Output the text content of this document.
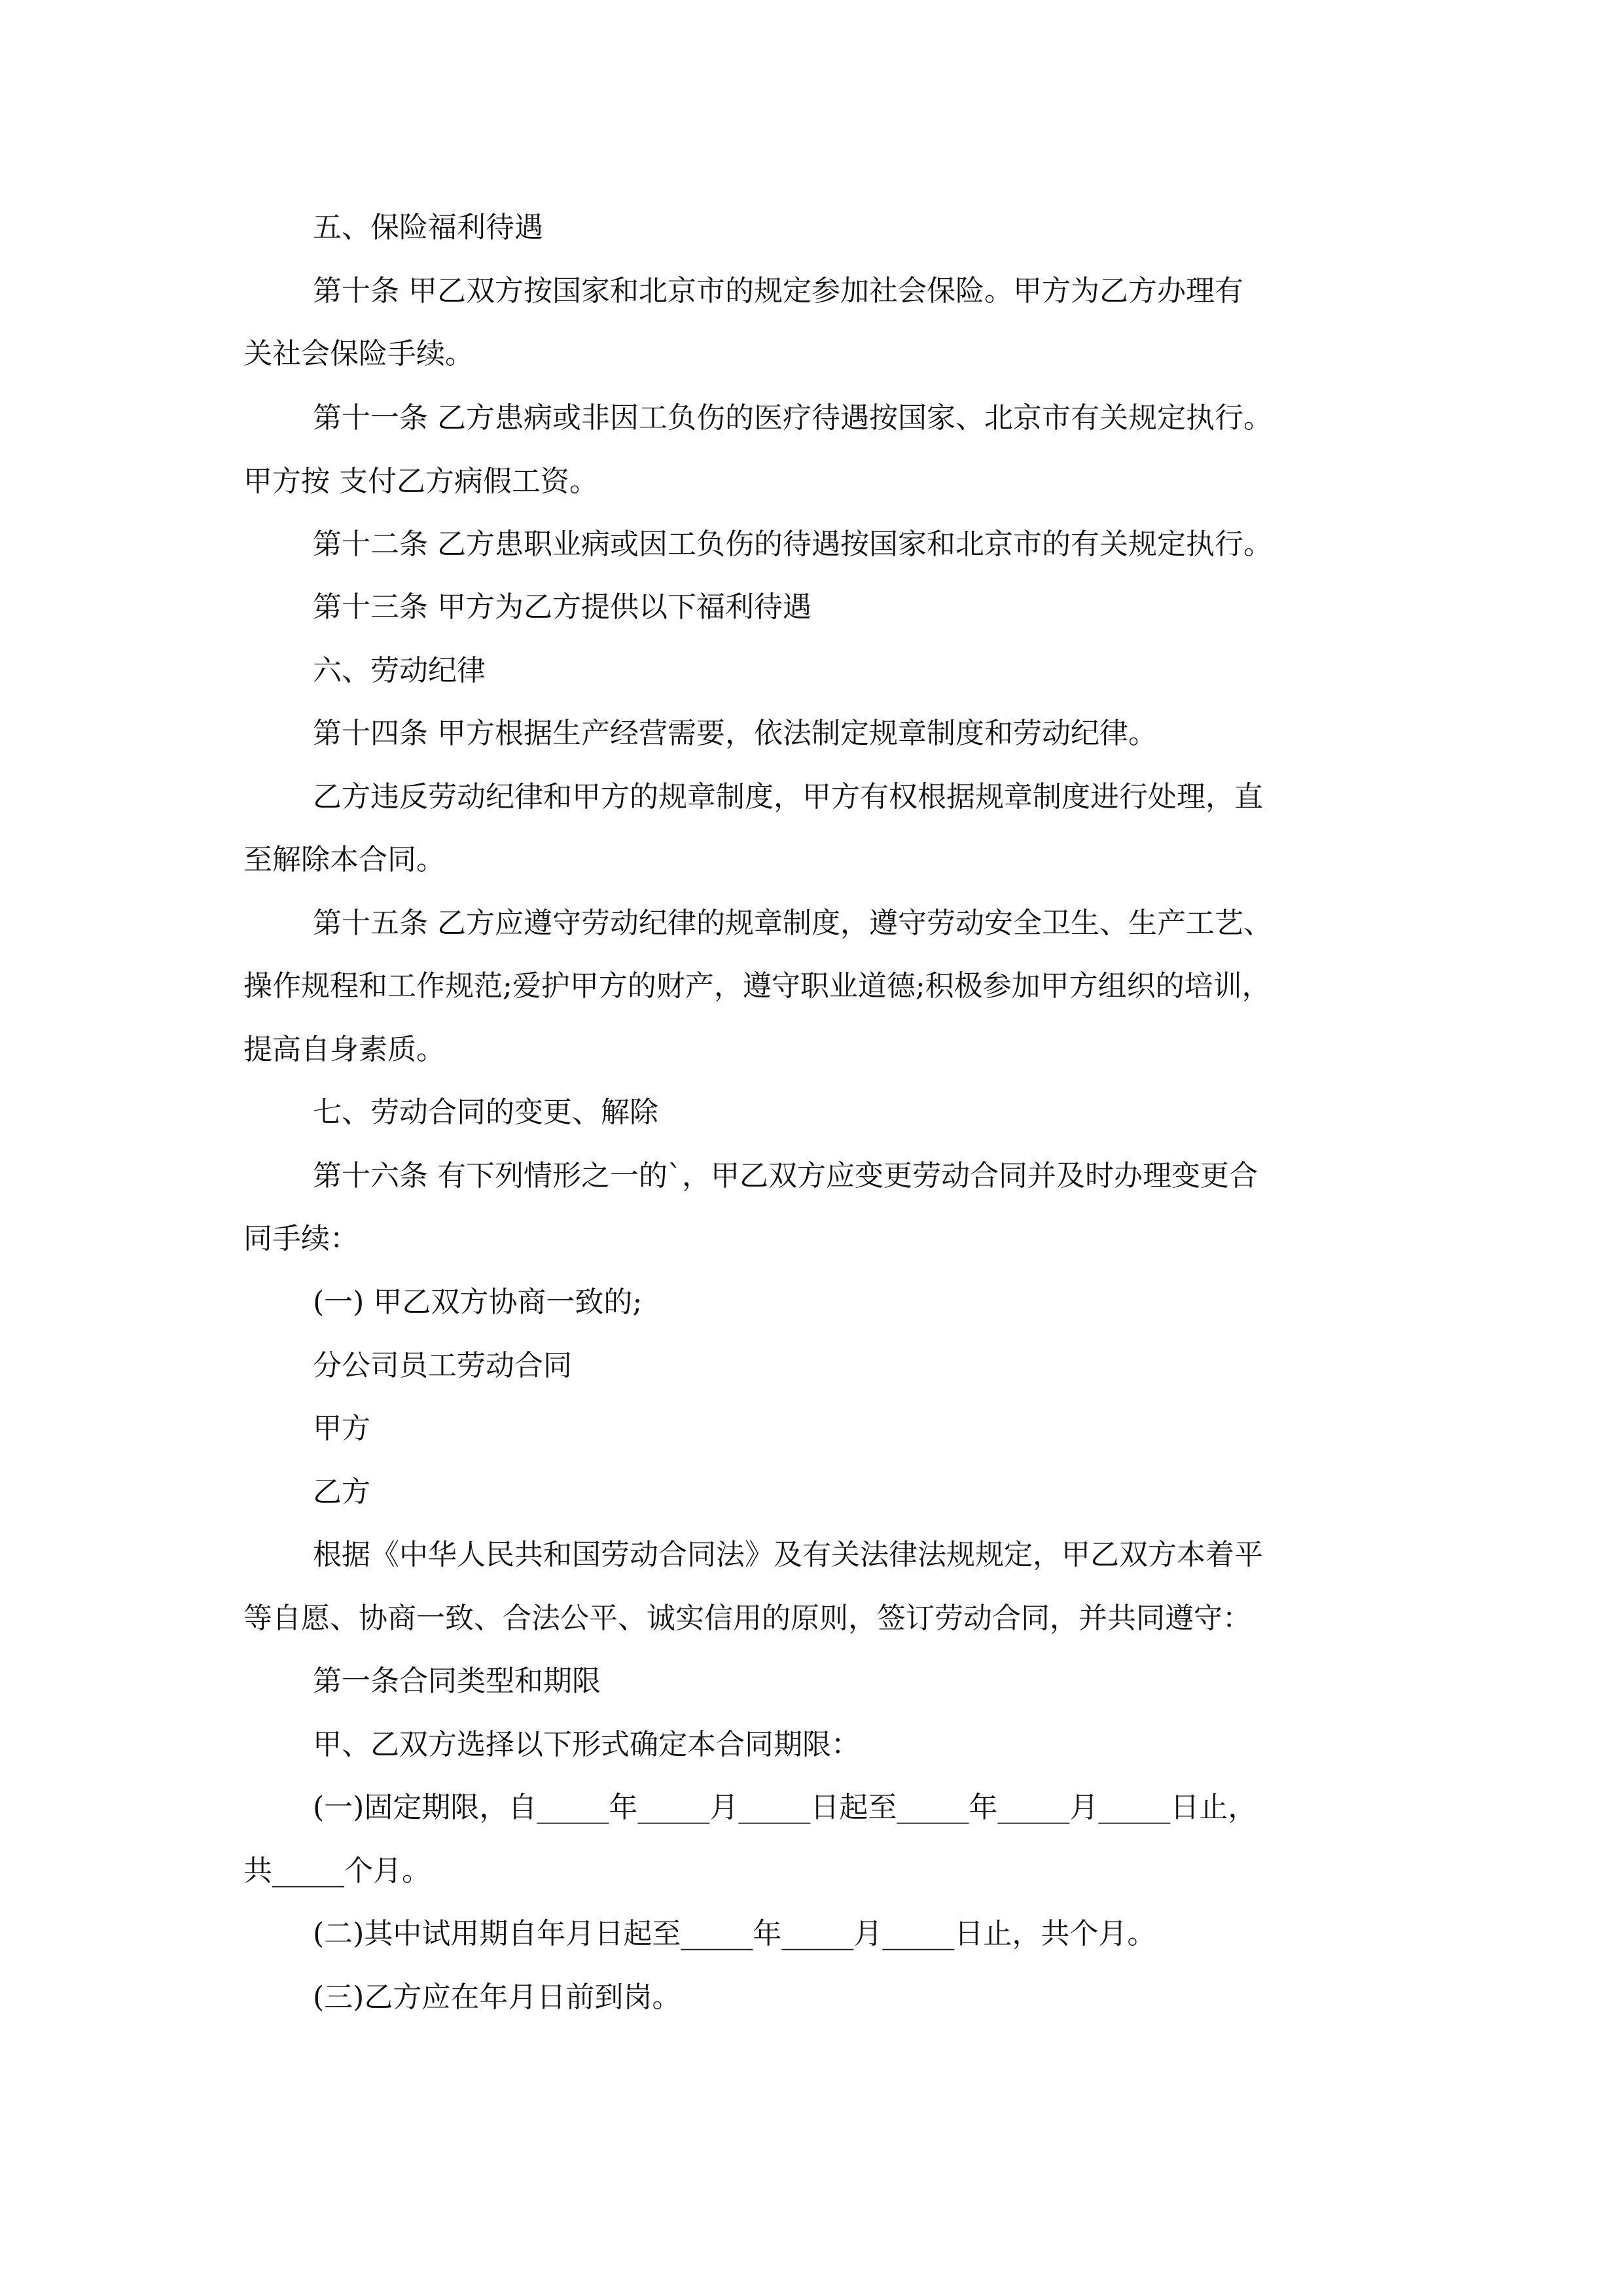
五、保险福利待遇
第十条 甲乙双方按国家和北京市的规定参加社会保险。甲方为乙方办理有
关社会保险手续。
第十一条 乙方患病或非因工负伤的医疗待遇按国家、北京市有关规定执行。
甲方按 支付乙方病假工资。
第十二条 乙方患职业病或因工负伤的待遇按国家和北京市的有关规定执行。
第十三条 甲方为乙方提供以下福利待遇
六、劳动纪律
第十四条 甲方根据生产经营需要，依法制定规章制度和劳动纪律。
乙方违反劳动纪律和甲方的规章制度，甲方有权根据规章制度进行处理，直
至解除本合同。
第十五条 乙方应遵守劳动纪律的规章制度，遵守劳动安全卫生、生产工艺、
操作规程和工作规范;爱护甲方的财产，遵守职业道德;积极参加甲方组织的培训，
提高自身素质。
七、劳动合同的变更、解除
第十六条 有下列情形之一的`，甲乙双方应变更劳动合同并及时办理变更合
同手续：
(一) 甲乙双方协商一致的;
分公司员工劳动合同
甲方
乙方
根据《中华人民共和国劳动合同法》及有关法律法规规定，甲乙双方本着平
等自愿、协商一致、合法公平、诚实信用的原则，签订劳动合同，并共同遵守：
第一条合同类型和期限
甲、乙双方选择以下形式确定本合同期限：
(一)固定期限，自_____年_____月_____日起至_____年_____月_____日止，
共_____个月。
(二)其中试用期自年月日起至_____年_____月_____日止，共个月。
(三)乙方应在年月日前到岗。
